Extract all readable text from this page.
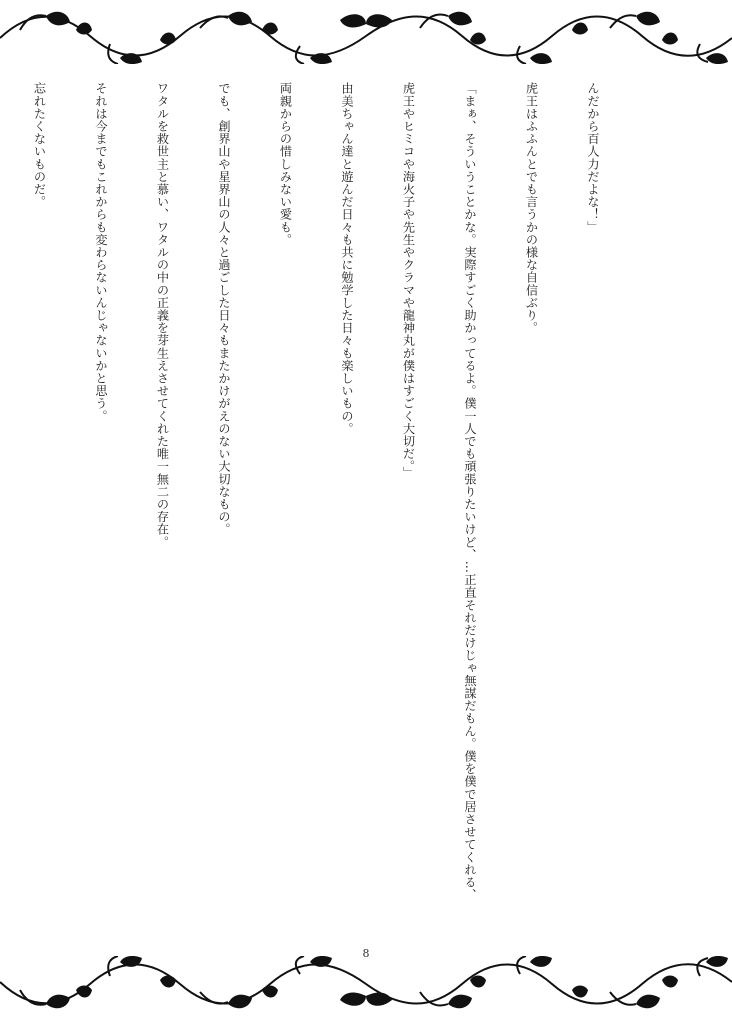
んだから百人力だよな！」

虎王はふふんとでも言うかの様な自信ぶり。

「まぁ、そういうことかな。実際すごく助かってるよ。僕一人でも頑張りたいけど、…正直それだけじゃ無謀だもん。僕を僕で居させてくれる、

虎王やヒミコや海火子や先生やクラマや龍神丸が僕はすごく大切だ。」

由美ちゃん達と遊んだ日々も共に勉学した日々も楽しいもの。

両親からの惜しみない愛も。

でも、創界山や星界山の人々と過ごした日々もまたかけがえのない大切なもの。

ワタルを救世主と慕い、ワタルの中の正義を芽生えさせてくれた唯一無二の存在。

それは今までもこれからも変わらないんじゃないかと思う。

忘れたくないものだ。

8
